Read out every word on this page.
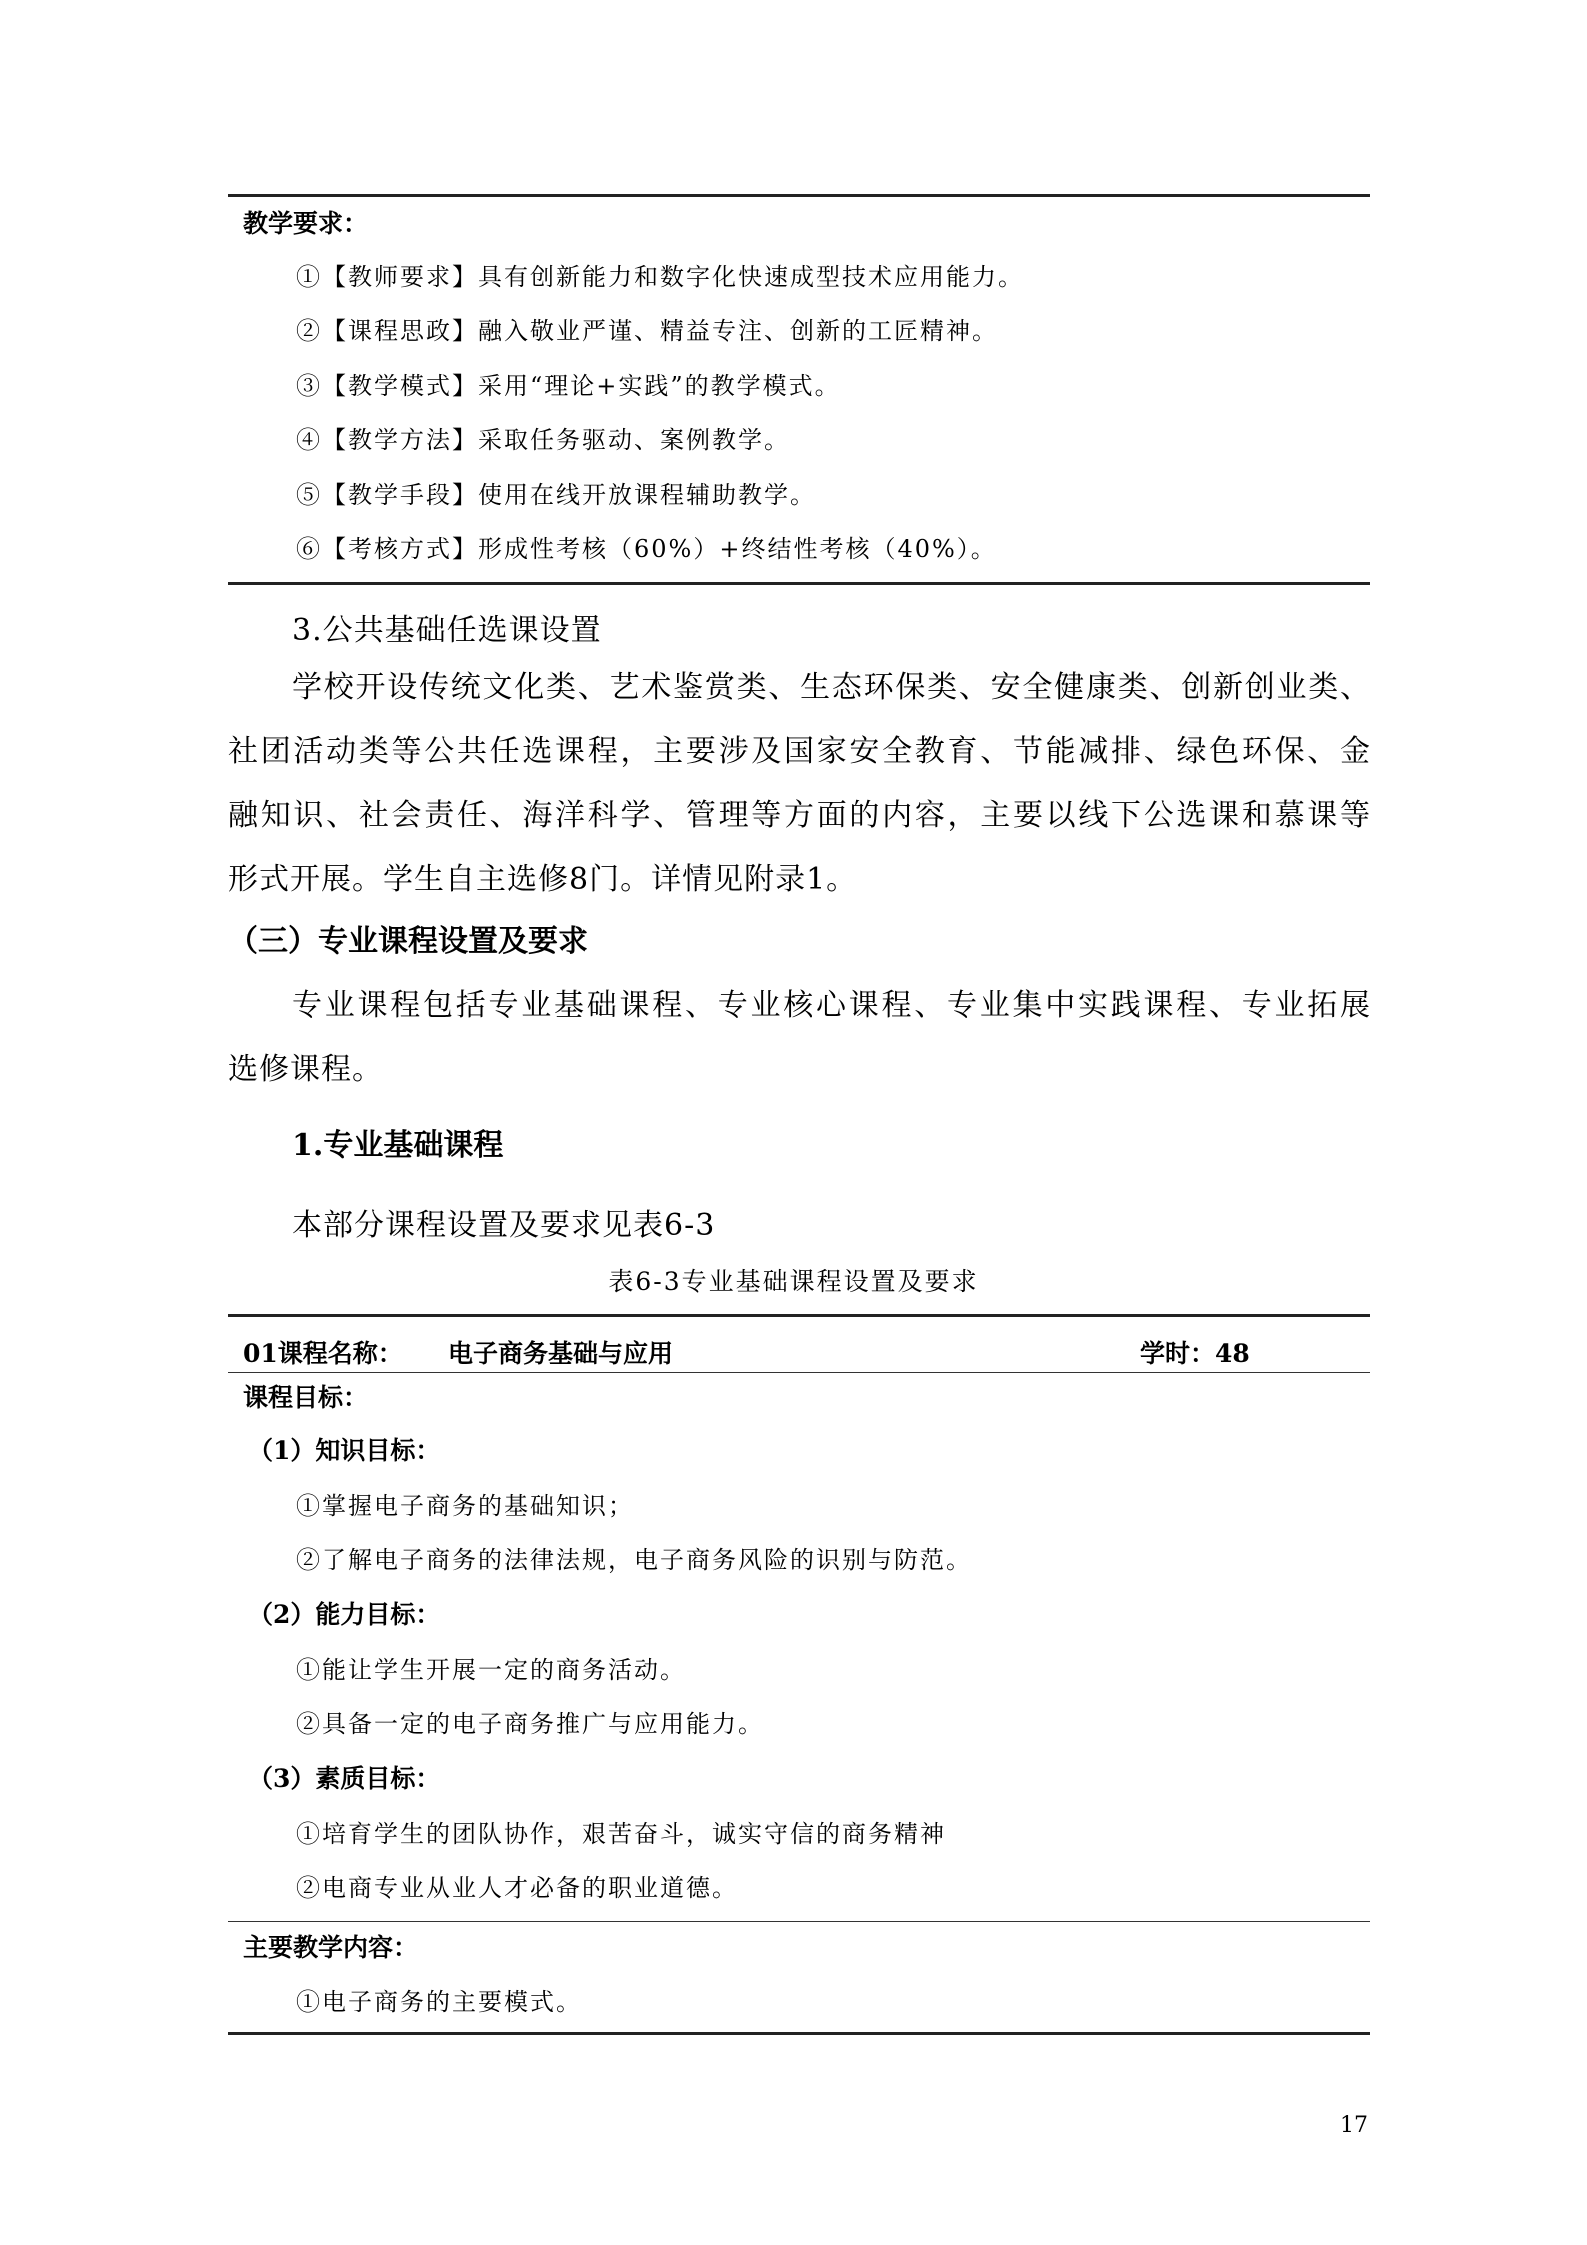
教学要求：
①【教师要求】具有创新能力和数字化快速成型技术应用能力。
②【课程思政】融入敬业严谨、精益专注、创新的工匠精神。
③【教学模式】采用“理论+实践”的教学模式。
④【教学方法】采取任务驱动、案例教学。
⑤【教学手段】使用在线开放课程辅助教学。
⑥【考核方式】形成性考核（60%）+终结性考核（40%）。
3.公共基础任选课设置
学校开设传统文化类、艺术鉴赏类、生态环保类、安全健康类、创新创业类、
社团活动类等公共任选课程，主要涉及国家安全教育、节能减排、绿色环保、金
融知识、社会责任、海洋科学、管理等方面的内容，主要以线下公选课和慕课等
形式开展。学生自主选修8门。详情见附录1。
（三）专业课程设置及要求
专业课程包括专业基础课程、专业核心课程、专业集中实践课程、专业拓展
选修课程。
1.专业基础课程
本部分课程设置及要求见表6-3
表6-3专业基础课程设置及要求
01课程名称： 电子商务基础与应用	学时：48
课程目标：
（1）知识目标：
①掌握电子商务的基础知识；
②了解电子商务的法律法规，电子商务风险的识别与防范。
（2）能力目标：
①能让学生开展一定的商务活动。
②具备一定的电子商务推广与应用能力。
（3）素质目标：
①培育学生的团队协作，艰苦奋斗，诚实守信的商务精神
②电商专业从业人才必备的职业道德。
主要教学内容：
①电子商务的主要模式。
17
